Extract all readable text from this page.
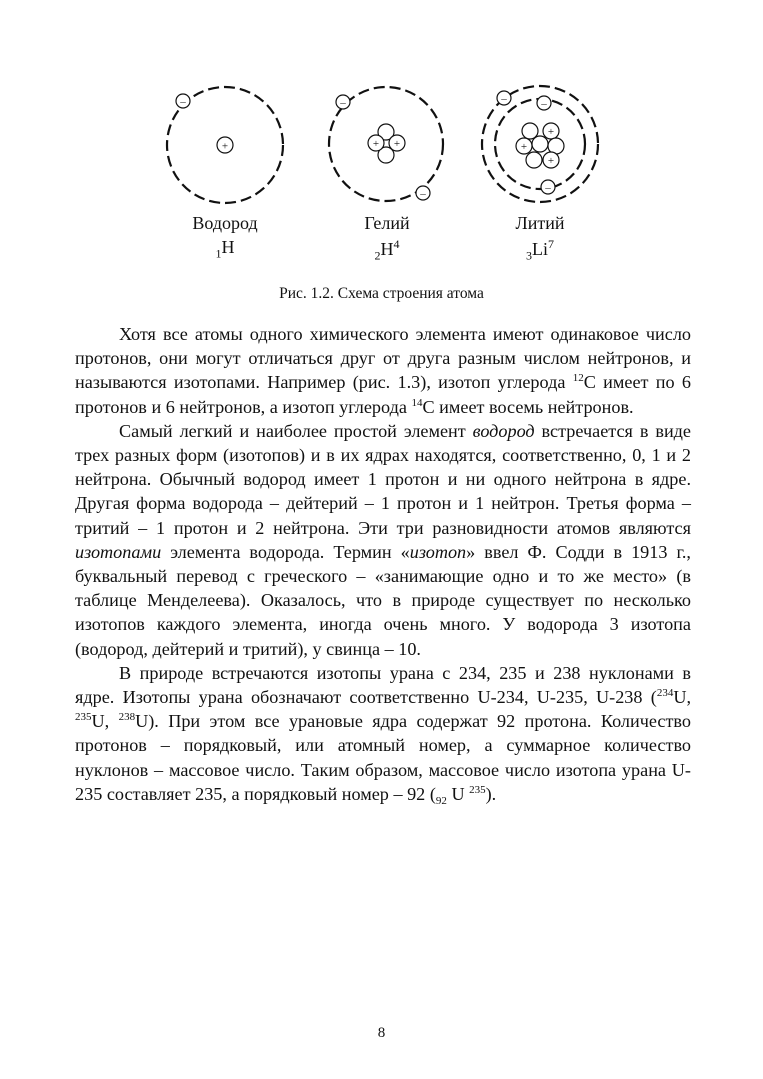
+
–
+ +
–
–
+
+
+
–	–
–
Водород
$_1$H
Гелий
$_2H^4$
Литий
$_3Li^7$
Рис. 1.2. Схема строения атома

Хотя все атомы одного химического элемента имеют одинаковое число протонов, они могут отличаться друг от друга разным числом нейтронов, и называются изотопами. Например (рис. 1.3), изотоп углерода $^{12}$C имеет по 6 протонов и 6 нейтронов, а изотоп углерода $^{14}$C имеет восемь нейтронов.

Самый легкий и наиболее простой элемент водород встречается в виде трех разных форм (изотопов) и в их ядрах находятся, соответственно, 0, 1 и 2 нейтрона. Обычный водород имеет 1 протон и ни одного нейтрона в ядре. Другая форма водорода – дейтерий – 1 протон и 1 нейтрон. Третья форма – тритий – 1 протон и 2 нейтрона. Эти три разновидности атомов являются изотопами элемента водорода. Термин «изотоп» ввел Ф. Содди в 1913 г., буквальный перевод с греческого – «занимающие одно и то же место» (в таблице Менделеева). Оказалось, что в природе существует по несколько изотопов каждого элемента, иногда очень много. У водорода 3 изотопа (водород, дейтерий и тритий), у свинца – 10.

В природе встречаются изотопы урана с 234, 235 и 238 нуклонами в ядре. Изотопы урана обозначают соответственно U-234, U-235, U-238 ($^{234}$U, $^{235}$U, $^{238}$U). При этом все урановые ядра содержат 92 протона. Количество протонов – порядковый, или атомный номер, а суммарное количество нуклонов – массовое число. Таким образом, массовое число изотопа урана U-235 составляет 235, а порядковый номер – 92 ($_{92}$ U $^{235}$).

8
